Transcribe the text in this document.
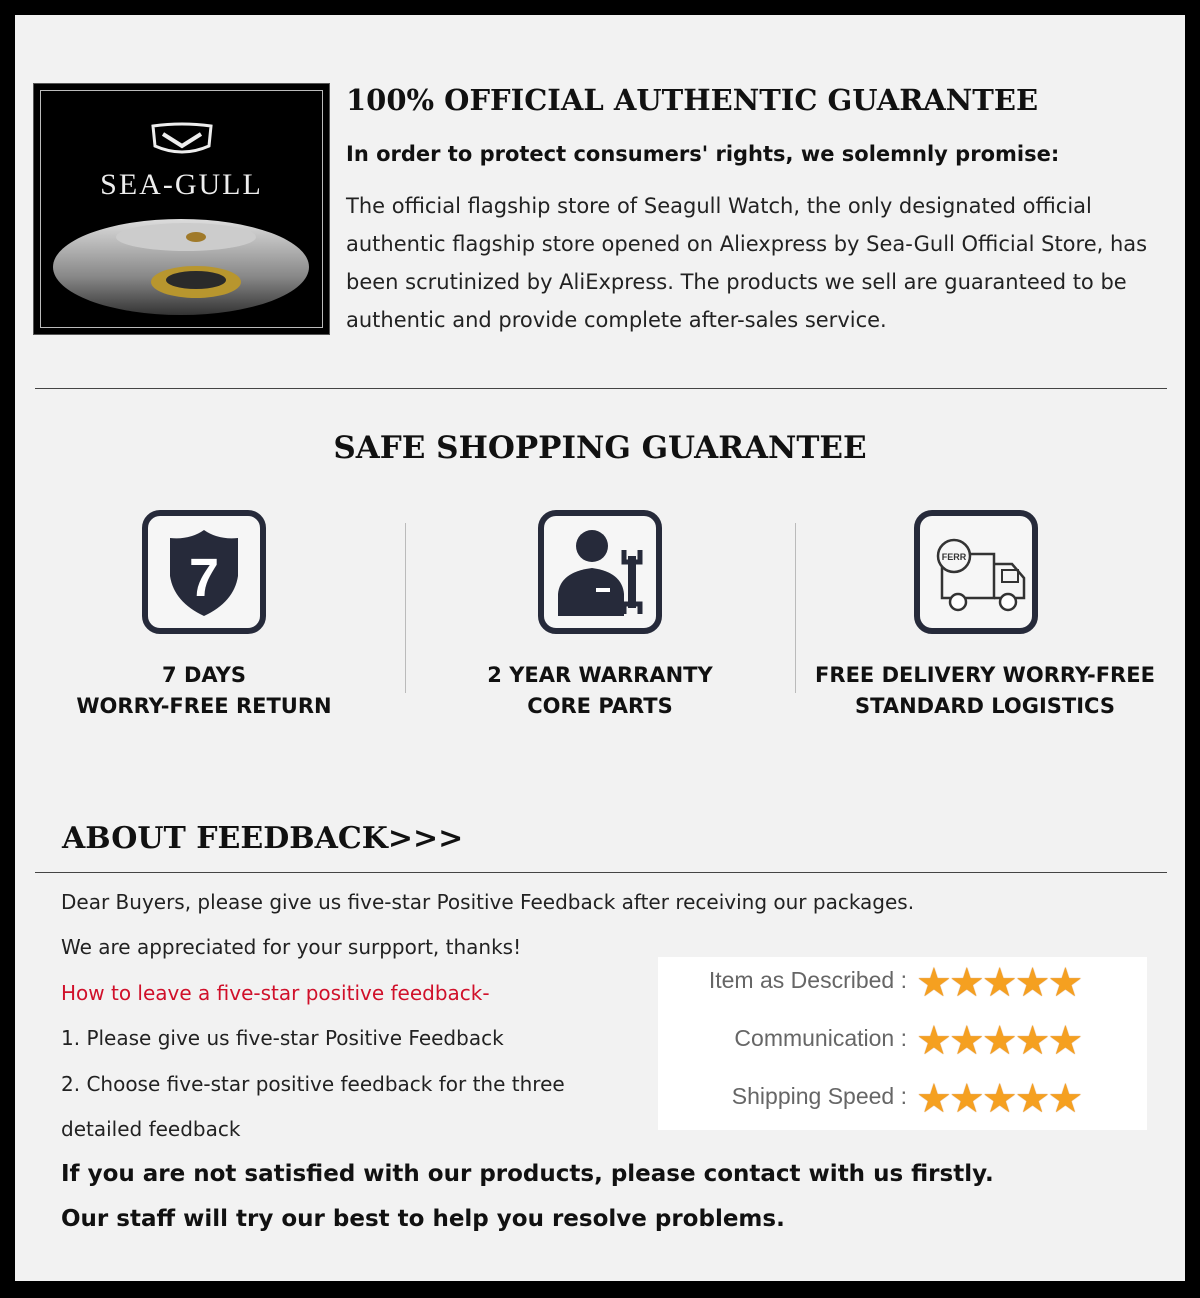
SEA-GULL
100% OFFICIAL AUTHENTIC GUARANTEE
In order to protect consumers' rights, we solemnly promise:
The official flagship store of Seagull Watch, the only designated official
authentic flagship store opened on Aliexpress by Sea-Gull Official Store, has
been scrutinized by AliExpress. The products we sell are guaranteed to be
authentic and provide complete after-sales service.
SAFE SHOPPING GUARANTEE
7	FERR
7 DAYS
WORRY-FREE RETURN
2 YEAR WARRANTY
CORE PARTS
FREE DELIVERY WORRY-FREE
STANDARD LOGISTICS
ABOUT FEEDBACK>>>
Dear Buyers, please give us five-star Positive Feedback after receiving our packages.
We are appreciated for your surpport, thanks!
How to leave a five-star positive feedback-
1. Please give us five-star Positive Feedback
2. Choose five-star positive feedback for the three
detailed feedback
If you are not satisfied with our products, please contact with us firstly.
Our staff will try our best to help you resolve problems.
Item as Described : ★★★★★
Communication : ★★★★★
Shipping Speed : ★★★★★
